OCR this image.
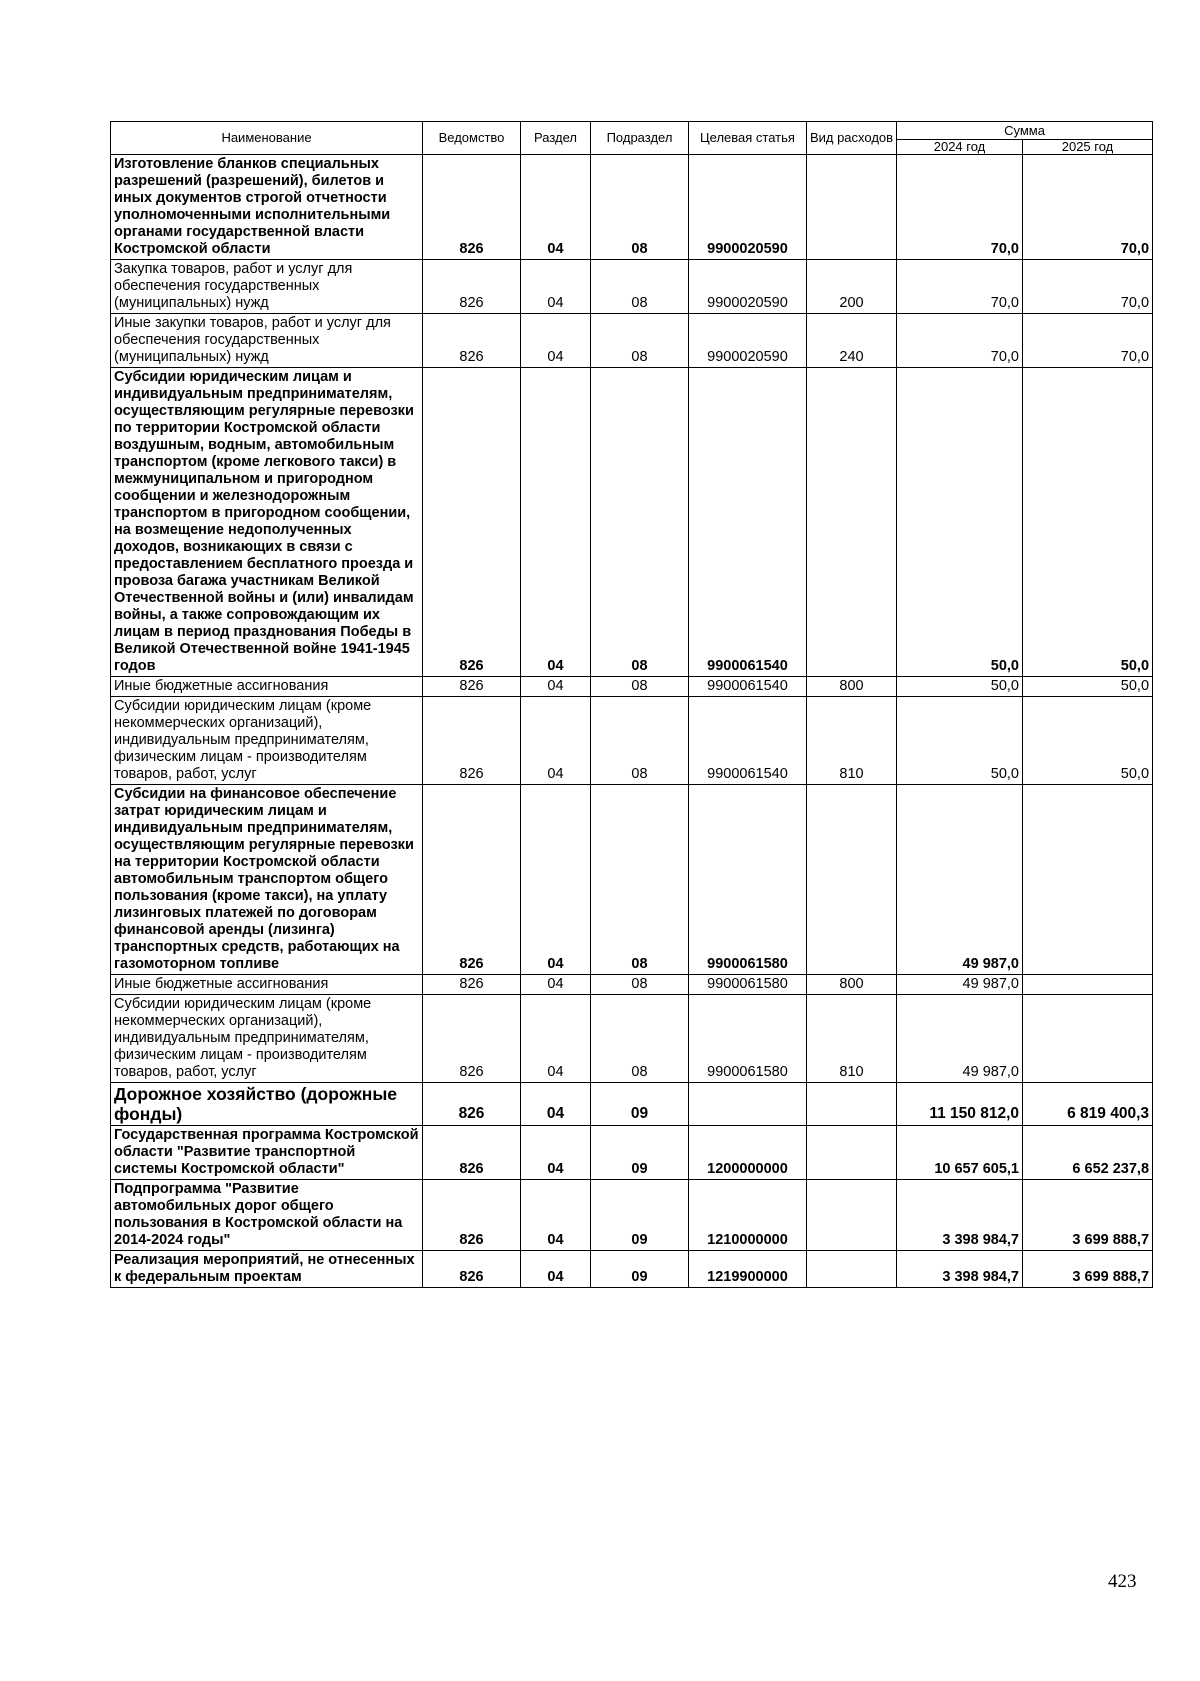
Наименование	Ведомство	Раздел	Подраздел	Целевая статья	Вид расходов	Сумма	
						2024 год	2025 год
Изготовление бланков специальных разрешений (разрешений), билетов и иных документов строгой отчетности уполномоченными исполнительными органами государственной власти Костромской области	826	04	08	9900020590		70,0	70,0
Закупка товаров, работ и услуг для обеспечения государственных (муниципальных) нужд	826	04	08	9900020590	200	70,0	70,0
Иные закупки товаров, работ и услуг для обеспечения государственных (муниципальных) нужд	826	04	08	9900020590	240	70,0	70,0
Субсидии юридическим лицам и индивидуальным предпринимателям, осуществляющим регулярные перевозки по территории Костромской области воздушным, водным, автомобильным транспортом (кроме легкового такси) в межмуниципальном и пригородном сообщении и железнодорожным транспортом в пригородном сообщении, на возмещение недополученных доходов, возникающих в связи с предоставлением бесплатного проезда и провоза багажа участникам Великой Отечественной войны и (или) инвалидам войны, а также сопровождающим их лицам в период празднования Победы в Великой Отечественной войне 1941-1945 годов	826	04	08	9900061540		50,0	50,0
Иные бюджетные ассигнования	826	04	08	9900061540	800	50,0	50,0
Субсидии юридическим лицам (кроме некоммерческих организаций), индивидуальным предпринимателям, физическим лицам - производителям товаров, работ, услуг	826	04	08	9900061540	810	50,0	50,0
Субсидии на финансовое обеспечение затрат юридическим лицам и индивидуальным предпринимателям, осуществляющим регулярные перевозки на территории Костромской области автомобильным транспортом общего пользования (кроме такси), на уплату лизинговых платежей по договорам финансовой аренды (лизинга) транспортных средств, работающих на газомоторном топливе	826	04	08	9900061580		49 987,0	
Иные бюджетные ассигнования	826	04	08	9900061580	800	49 987,0	
Субсидии юридическим лицам (кроме некоммерческих организаций), индивидуальным предпринимателям, физическим лицам - производителям товаров, работ, услуг	826	04	08	9900061580	810	49 987,0	
Дорожное хозяйство (дорожные фонды)	826	04	09			11 150 812,0	6 819 400,3
Государственная программа Костромской области "Развитие транспортной системы Костромской области"	826	04	09	1200000000		10 657 605,1	6 652 237,8
Подпрограмма "Развитие автомобильных дорог общего пользования в Костромской области на 2014-2024 годы"	826	04	09	1210000000		3 398 984,7	3 699 888,7
Реализация мероприятий, не отнесенных к федеральным проектам	826	04	09	1219900000		3 398 984,7	3 699 888,7
423
